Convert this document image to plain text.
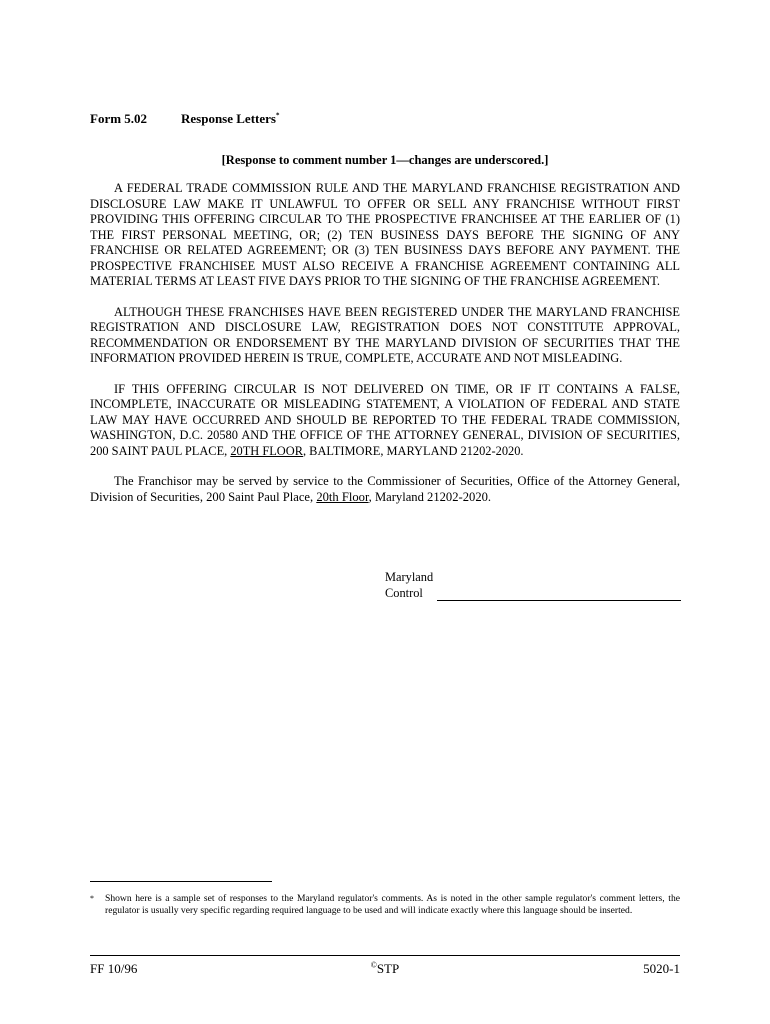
Form 5.02	Response Letters*
[Response to comment number 1—changes are underscored.]

A FEDERAL TRADE COMMISSION RULE AND THE MARYLAND FRANCHISE REGISTRATION AND DISCLOSURE LAW MAKE IT UNLAWFUL TO OFFER OR SELL ANY FRANCHISE WITHOUT FIRST PROVIDING THIS OFFERING CIRCULAR TO THE PROSPECTIVE FRANCHISEE AT THE EARLIER OF (1) THE FIRST PERSONAL MEETING, OR; (2) TEN BUSINESS DAYS BEFORE THE SIGNING OF ANY FRANCHISE OR RELATED AGREEMENT; OR (3) TEN BUSINESS DAYS BEFORE ANY PAYMENT. THE PROSPECTIVE FRANCHISEE MUST ALSO RECEIVE A FRANCHISE AGREEMENT CONTAINING ALL MATERIAL TERMS AT LEAST FIVE DAYS PRIOR TO THE SIGNING OF THE FRANCHISE AGREEMENT.

ALTHOUGH THESE FRANCHISES HAVE BEEN REGISTERED UNDER THE MARYLAND FRANCHISE REGISTRATION AND DISCLOSURE LAW, REGISTRATION DOES NOT CONSTITUTE APPROVAL, RECOMMENDATION OR ENDORSEMENT BY THE MARYLAND DIVISION OF SECURITIES THAT THE INFORMATION PROVIDED HEREIN IS TRUE, COMPLETE, ACCURATE AND NOT MISLEADING.

IF THIS OFFERING CIRCULAR IS NOT DELIVERED ON TIME, OR IF IT CONTAINS A FALSE, INCOMPLETE, INACCURATE OR MISLEADING STATEMENT, A VIOLATION OF FEDERAL AND STATE LAW MAY HAVE OCCURRED AND SHOULD BE REPORTED TO THE FEDERAL TRADE COMMISSION, WASHINGTON, D.C. 20580 AND THE OFFICE OF THE ATTORNEY GENERAL, DIVISION OF SECURITIES, 200 SAINT PAUL PLACE, 20TH FLOOR, BALTIMORE, MARYLAND 21202-2020.

The Franchisor may be served by service to the Commissioner of Securities, Office of the Attorney General, Division of Securities, 200 Saint Paul Place, 20th Floor, Maryland 21202-2020.

Maryland
Control
* Shown here is a sample set of responses to the Maryland regulator's comments. As is noted in the other sample regulator's comment letters, the regulator is usually very specific regarding required language to be used and will indicate exactly where this language should be inserted.
FF 10/96	©STP	5020-1
